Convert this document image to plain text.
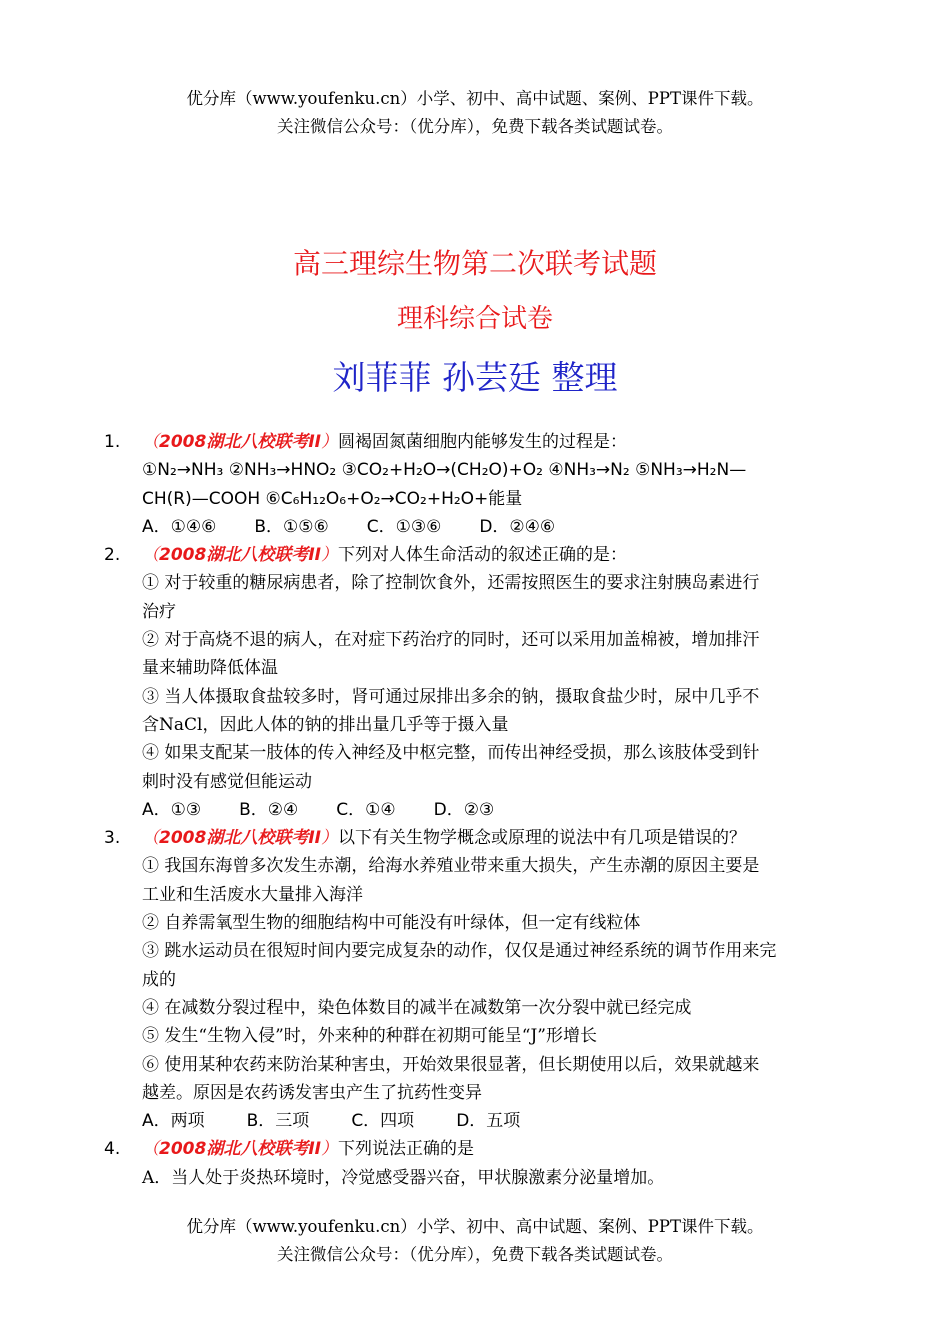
优分库（www.youfenku.cn）小学、初中、高中试题、案例、PPT课件下载。
关注微信公众号：（优分库），免费下载各类试题试卷。
高三理综生物第二次联考试题
理科综合试卷
刘菲菲 孙芸廷 整理
1. （2008湖北八校联考II）圆褐固氮菌细胞内能够发生的过程是：
①N₂→NH₃ ②NH₃→HNO₂ ③CO₂+H₂O→(CH₂O)+O₂ ④NH₃→N₂ ⑤NH₃→H₂N—
CH(R)—COOH ⑥C₆H₁₂O₆+O₂→CO₂+H₂O+能量
A．①④⑥ B．①⑤⑥ C．①③⑥ D．②④⑥
2. （2008湖北八校联考II）下列对人体生命活动的叙述正确的是：
① 对于较重的糖尿病患者，除了控制饮食外，还需按照医生的要求注射胰岛素进行
治疗
② 对于高烧不退的病人，在对症下药治疗的同时，还可以采用加盖棉被，增加排汗
量来辅助降低体温
③ 当人体摄取食盐较多时，肾可通过尿排出多余的钠，摄取食盐少时，尿中几乎不
含NaCl，因此人体的钠的排出量几乎等于摄入量
④ 如果支配某一肢体的传入神经及中枢完整，而传出神经受损，那么该肢体受到针
刺时没有感觉但能运动
A．①③ B．②④ C．①④ D．②③
3. （2008湖北八校联考II）以下有关生物学概念或原理的说法中有几项是错误的？
① 我国东海曾多次发生赤潮，给海水养殖业带来重大损失，产生赤潮的原因主要是
工业和生活废水大量排入海洋
② 自养需氧型生物的细胞结构中可能没有叶绿体，但一定有线粒体
③ 跳水运动员在很短时间内要完成复杂的动作，仅仅是通过神经系统的调节作用来完
成的
④ 在减数分裂过程中，染色体数目的减半在减数第一次分裂中就已经完成
⑤ 发生“生物入侵”时，外来种的种群在初期可能呈“J”形增长
⑥ 使用某种农药来防治某种害虫，开始效果很显著，但长期使用以后，效果就越来
越差。原因是农药诱发害虫产生了抗药性变异
A．两项 B．三项 C．四项 D．五项
4. （2008湖北八校联考II）下列说法正确的是
A．当人处于炎热环境时，冷觉感受器兴奋，甲状腺激素分泌量增加。
优分库（www.youfenku.cn）小学、初中、高中试题、案例、PPT课件下载。
关注微信公众号：（优分库），免费下载各类试题试卷。
